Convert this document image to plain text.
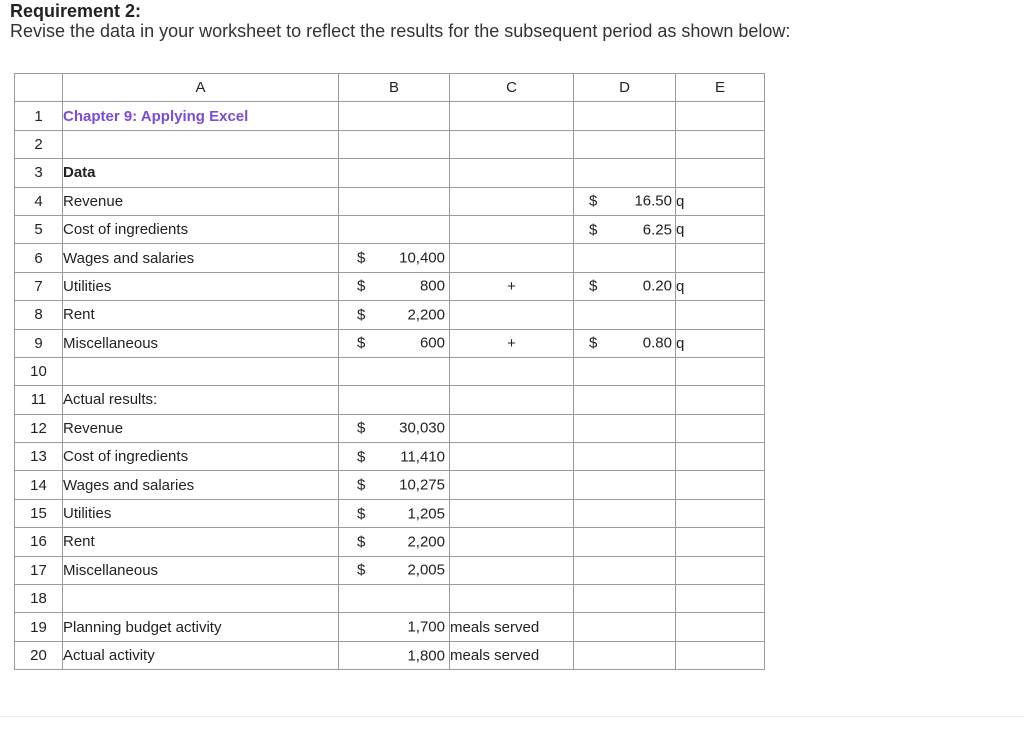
Requirement 2:
Revise the data in your worksheet to reflect the results for the subsequent period as shown below:
	A	B	C	D	E
1	Chapter 9: Applying Excel				
2					
3	Data				
4	Revenue			$ 16.50	q
5	Cost of ingredients			$ 6.25	q
6	Wages and salaries	$ 10,400			

7	Utilities	$ 800	+	$ 0.20	q
8	Rent	$ 2,200			

9	Miscellaneous	$ 600	+	$ 0.80	q
10					
11	Actual results:				
12	Revenue	$ 30,030			

13	Cost of ingredients	$ 11,410			

14	Wages and salaries	$ 10,275			

15	Utilities	$ 1,205			

16	Rent	$ 2,200			

17	Miscellaneous	$ 2,005			

18					
19	Planning budget activity	1,700	meals served		
20	Actual activity	1,800	meals served		
